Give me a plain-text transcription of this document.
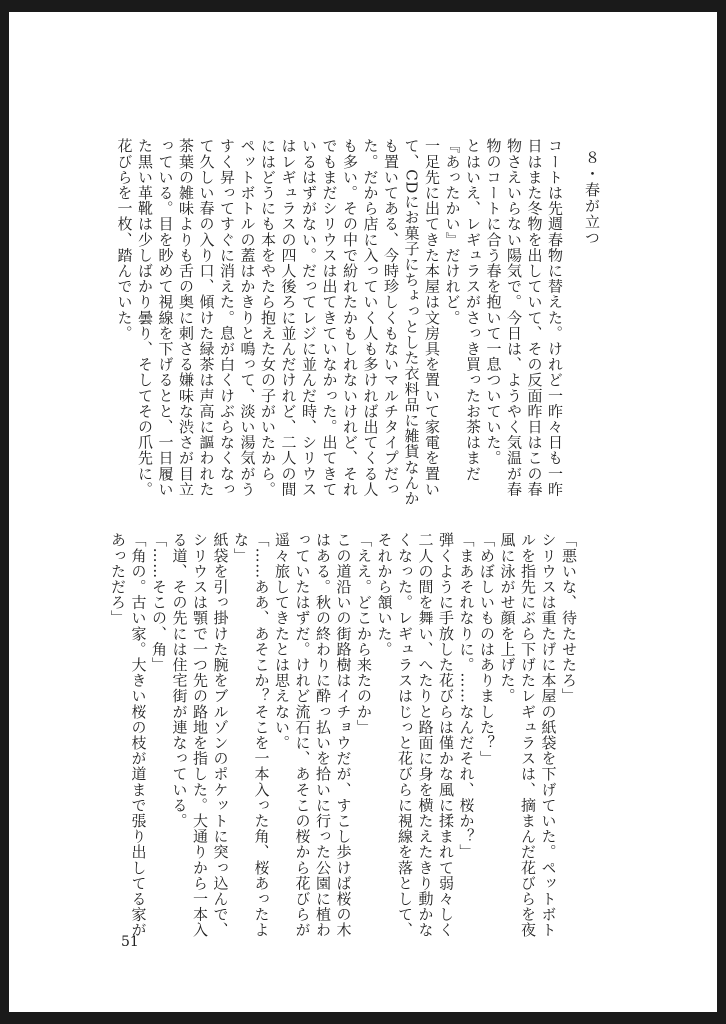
８・春が立つ

コートは先週春物に替えた。けれど一昨々日も一昨日はまた冬物を出していて、その反面昨日はこの春物さえいらない陽気で。今日は、ようやく気温が春物のコートに合う春を抱いて一息ついていた。

とはいえ、レギュラスがさっき買ったお茶はまだ『あったかい』だけれど。

一足先に出てきた本屋は文房具を置いて家電を置いて、CDにお菓子にちょっとした衣料品に雑貨なんかも置いてある、今時珍しくもないマルチタイプだった。だから店に入っていく人も多ければ出てくる人も多い。その中で紛れたかもしれないけれど、それでもまだシリウスは出てきていなかった。出てきているはずがない。だってレジに並んだ時、シリウスはレギュラスの四人後ろに並んだけれど、二人の間にはどうにも本をやたら抱えた女の子がいたから。

ペットボトルの蓋はかきりと鳴って、淡い湯気がうすく昇ってすぐに消えた。息が白くけぶらなくなって久しい春の入り口、傾けた緑茶は声高に謳われた茶葉の雑味よりも舌の奥に刺さる嫌味な渋さが目立っている。目を眇めて視線を下げるとと、一日履いた黒い革靴は少しばかり曇り、そしてその爪先に。

花びらを一枚、踏んでいた。

「悪いな、待たせたろ」

シリウスは重たげに本屋の紙袋を下げていた。ペットボトルを指先にぶら下げたレギュラスは、摘まんだ花びらを夜風に泳がせ顔を上げた。

「めぼしいものはありました？」

「まあそれなりに。……なんだそれ、桜か？」

弾くように手放した花びらは僅かな風に揉まれて弱々しく二人の間を舞い、へたりと路面に身を横たえたきり動かなくなった。レギュラスはじっと花びらに視線を落として、それから頷いた。

「ええ。どこから来たのか」

この道沿いの街路樹はイチョウだが、すこし歩けば桜の木はある。秋の終わりに酔っ払いを拾いに行った公園に植わっていたはずだ。けれど流石に、あそこの桜から花びらが遥々旅してきたとは思えない。

「……ああ、あそこか？そこを一本入った角、桜あったよな」

紙袋を引っ掛けた腕をブルゾンのポケットに突っ込んで、シリウスは顎で一つ先の路地を指した。大通りから一本入る道、その先には住宅街が連なっている。

「……そこの、角」

「角の。古い家。大きい桜の枝が道まで張り出してる家があっただろ」

51
